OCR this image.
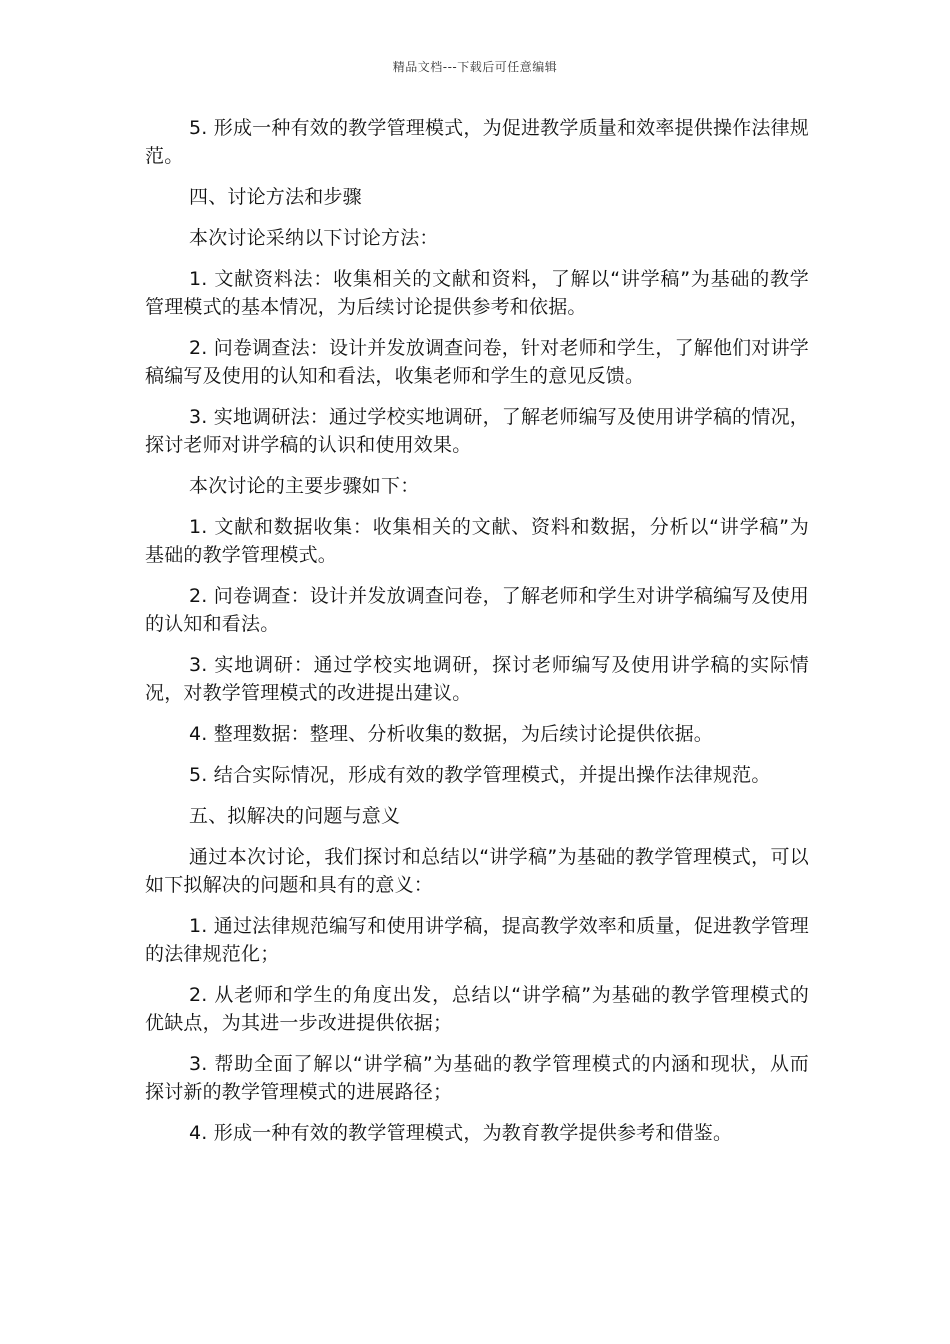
精品文档---下载后可任意编辑

5. 形成一种有效的教学管理模式，为促进教学质量和效率提供操作法律规范。

四、讨论方法和步骤

本次讨论采纳以下讨论方法：

1. 文献资料法：收集相关的文献和资料，了解以“讲学稿”为基础的教学管理模式的基本情况，为后续讨论提供参考和依据。

2. 问卷调查法：设计并发放调查问卷，针对老师和学生，了解他们对讲学稿编写及使用的认知和看法，收集老师和学生的意见反馈。

3. 实地调研法：通过学校实地调研，了解老师编写及使用讲学稿的情况，探讨老师对讲学稿的认识和使用效果。

本次讨论的主要步骤如下：

1. 文献和数据收集：收集相关的文献、资料和数据，分析以“讲学稿”为基础的教学管理模式。

2. 问卷调查：设计并发放调查问卷，了解老师和学生对讲学稿编写及使用的认知和看法。

3. 实地调研：通过学校实地调研，探讨老师编写及使用讲学稿的实际情况，对教学管理模式的改进提出建议。

4. 整理数据：整理、分析收集的数据，为后续讨论提供依据。

5. 结合实际情况，形成有效的教学管理模式，并提出操作法律规范。

五、拟解决的问题与意义

通过本次讨论，我们探讨和总结以“讲学稿”为基础的教学管理模式，可以如下拟解决的问题和具有的意义：

1. 通过法律规范编写和使用讲学稿，提高教学效率和质量，促进教学管理的法律规范化；

2. 从老师和学生的角度出发，总结以“讲学稿”为基础的教学管理模式的优缺点，为其进一步改进提供依据；

3. 帮助全面了解以“讲学稿”为基础的教学管理模式的内涵和现状，从而探讨新的教学管理模式的进展路径；

4. 形成一种有效的教学管理模式，为教育教学提供参考和借鉴。
